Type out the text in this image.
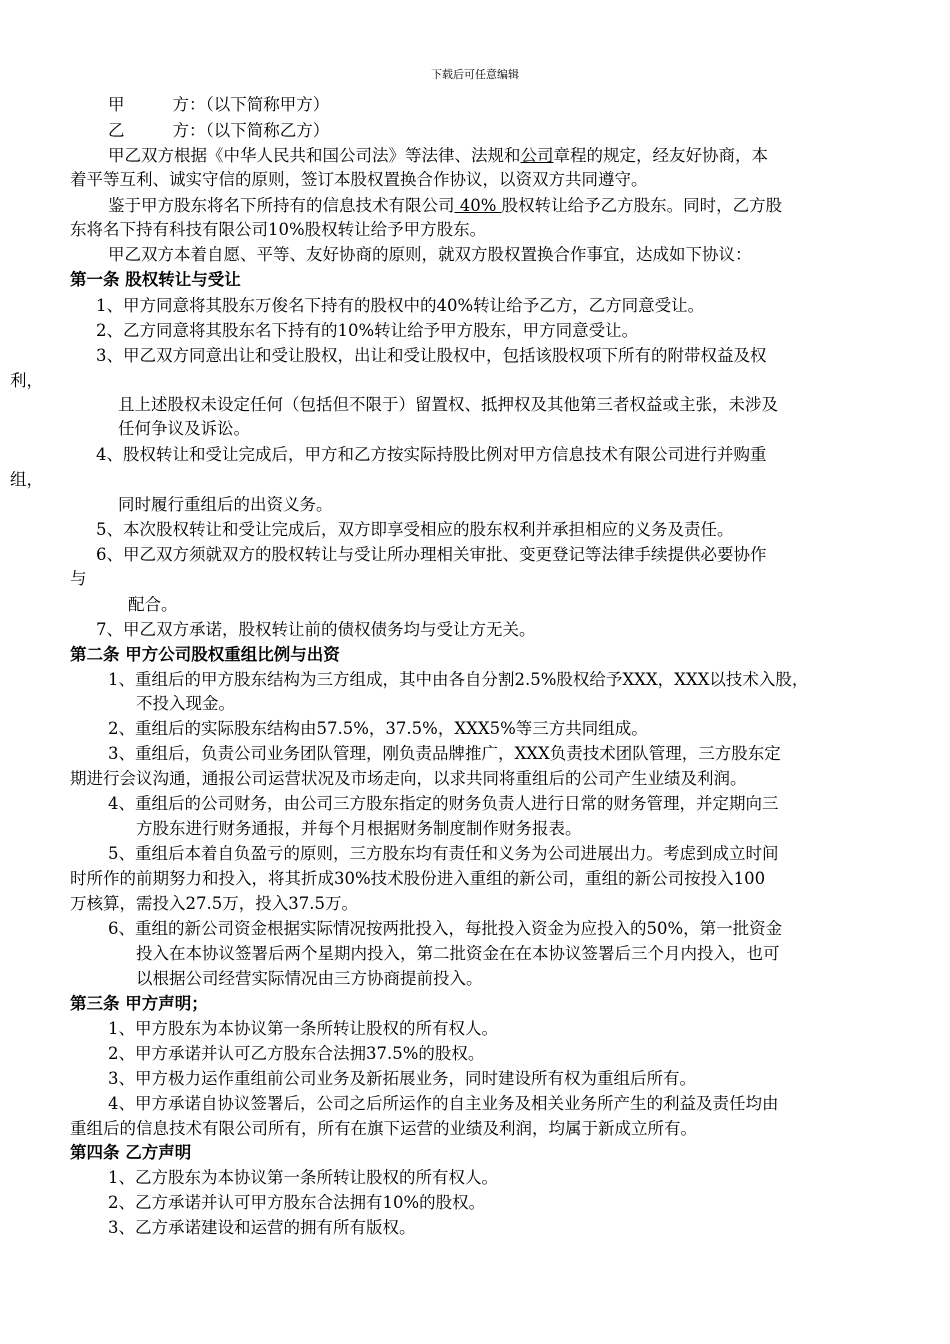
下载后可任意编辑
甲	方：（以下简称甲方）
乙	方：（以下简称乙方）
甲乙双方根据《中华人民共和国公司法》等法律、法规和公司章程的规定，经友好协商，本
着平等互利、诚实守信的原则，签订本股权置换合作协议，以资双方共同遵守。
鉴于甲方股东将名下所持有的信息技术有限公司 40% 股权转让给予乙方股东。同时，乙方股
东将名下持有科技有限公司10%股权转让给予甲方股东。
甲乙双方本着自愿、平等、友好协商的原则，就双方股权置换合作事宜，达成如下协议：
第一条 股权转让与受让
1、甲方同意将其股东万俊名下持有的股权中的40%转让给予乙方，乙方同意受让。
2、乙方同意将其股东名下持有的10%转让给予甲方股东，甲方同意受让。
3、甲乙双方同意出让和受让股权，出让和受让股权中，包括该股权项下所有的附带权益及权
利，
且上述股权未设定任何（包括但不限于）留置权、抵押权及其他第三者权益或主张，未涉及
任何争议及诉讼。
4、股权转让和受让完成后，甲方和乙方按实际持股比例对甲方信息技术有限公司进行并购重
组，
同时履行重组后的出资义务。
5、本次股权转让和受让完成后，双方即享受相应的股东权利并承担相应的义务及责任。
6、甲乙双方须就双方的股权转让与受让所办理相关审批、变更登记等法律手续提供必要协作
与
配合。
7、甲乙双方承诺，股权转让前的债权债务均与受让方无关。
第二条 甲方公司股权重组比例与出资
1、重组后的甲方股东结构为三方组成，其中由各自分割2.5%股权给予XXX，XXX以技术入股，
不投入现金。
2、重组后的实际股东结构由57.5%，37.5%，XXX5%等三方共同组成。
3、重组后，负责公司业务团队管理，刚负责品牌推广，XXX负责技术团队管理，三方股东定
期进行会议沟通，通报公司运营状况及市场走向，以求共同将重组后的公司产生业绩及利润。
4、重组后的公司财务，由公司三方股东指定的财务负责人进行日常的财务管理，并定期向三
方股东进行财务通报，并每个月根据财务制度制作财务报表。
5、重组后本着自负盈亏的原则，三方股东均有责任和义务为公司进展出力。考虑到成立时间
时所作的前期努力和投入，将其折成30%技术股份进入重组的新公司，重组的新公司按投入100
万核算，需投入27.5万，投入37.5万。
6、重组的新公司资金根据实际情况按两批投入，每批投入资金为应投入的50%，第一批资金
投入在本协议签署后两个星期内投入，第二批资金在在本协议签署后三个月内投入，也可
以根据公司经营实际情况由三方协商提前投入。
第三条 甲方声明；
1、甲方股东为本协议第一条所转让股权的所有权人。
2、甲方承诺并认可乙方股东合法拥37.5%的股权。
3、甲方极力运作重组前公司业务及新拓展业务，同时建设所有权为重组后所有。
4、甲方承诺自协议签署后，公司之后所运作的自主业务及相关业务所产生的利益及责任均由
重组后的信息技术有限公司所有，所有在旗下运营的业绩及利润，均属于新成立所有。
第四条 乙方声明
1、乙方股东为本协议第一条所转让股权的所有权人。
2、乙方承诺并认可甲方股东合法拥有10%的股权。
3、乙方承诺建设和运营的拥有所有版权。
